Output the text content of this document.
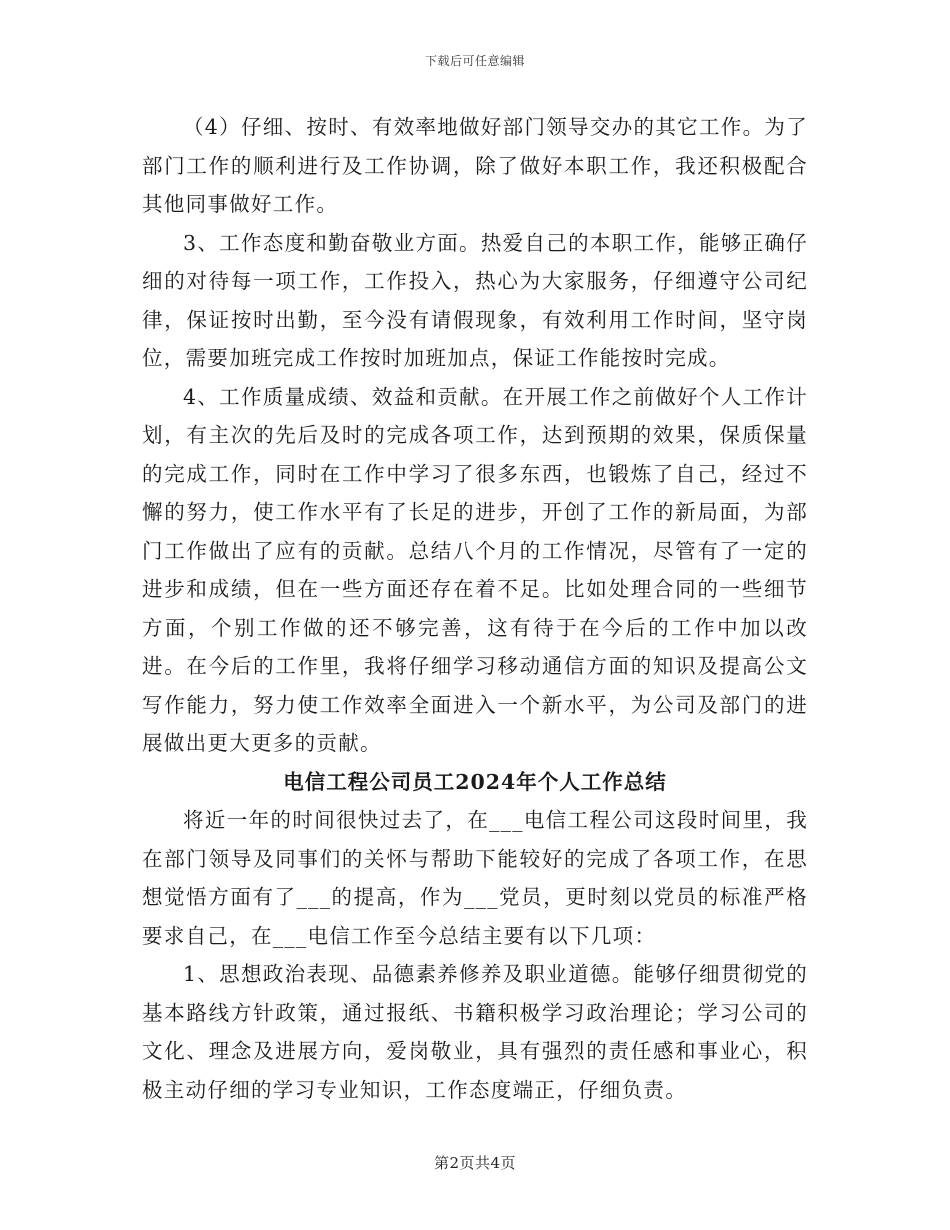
下载后可任意编辑

（4）仔细、按时、有效率地做好部门领导交办的其它工作。为了部门工作的顺利进行及工作协调，除了做好本职工作，我还积极配合其他同事做好工作。

3、工作态度和勤奋敬业方面。热爱自己的本职工作，能够正确仔细的对待每一项工作，工作投入，热心为大家服务，仔细遵守公司纪律，保证按时出勤，至今没有请假现象，有效利用工作时间，坚守岗位，需要加班完成工作按时加班加点，保证工作能按时完成。

4、工作质量成绩、效益和贡献。在开展工作之前做好个人工作计划，有主次的先后及时的完成各项工作，达到预期的效果，保质保量的完成工作，同时在工作中学习了很多东西，也锻炼了自己，经过不懈的努力，使工作水平有了长足的进步，开创了工作的新局面，为部门工作做出了应有的贡献。总结八个月的工作情况，尽管有了一定的进步和成绩，但在一些方面还存在着不足。比如处理合同的一些细节方面，个别工作做的还不够完善，这有待于在今后的工作中加以改进。在今后的工作里，我将仔细学习移动通信方面的知识及提高公文写作能力，努力使工作效率全面进入一个新水平，为公司及部门的进展做出更大更多的贡献。

电信工程公司员工2024年个人工作总结

将近一年的时间很快过去了，在___电信工程公司这段时间里，我在部门领导及同事们的关怀与帮助下能较好的完成了各项工作，在思想觉悟方面有了___的提高，作为___党员，更时刻以党员的标准严格要求自己，在___电信工作至今总结主要有以下几项：

1、思想政治表现、品德素养修养及职业道德。能够仔细贯彻党的基本路线方针政策，通过报纸、书籍积极学习政治理论；学习公司的文化、理念及进展方向，爱岗敬业，具有强烈的责任感和事业心，积极主动仔细的学习专业知识，工作态度端正，仔细负责。

第2页共4页
